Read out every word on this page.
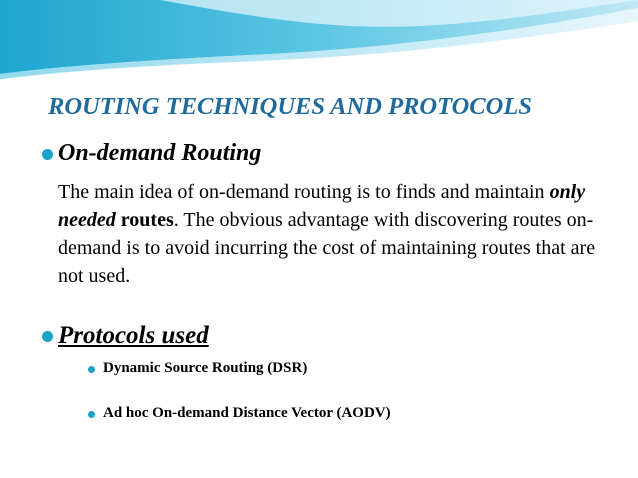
ROUTING TECHNIQUES AND PROTOCOLS
On-demand Routing
The main idea of on-demand routing is to finds and maintain only needed routes. The obvious advantage with discovering routes on-demand is to avoid incurring the cost of maintaining routes that are not used.
Protocols used
Dynamic Source Routing (DSR)
Ad hoc On-demand Distance Vector (AODV)
